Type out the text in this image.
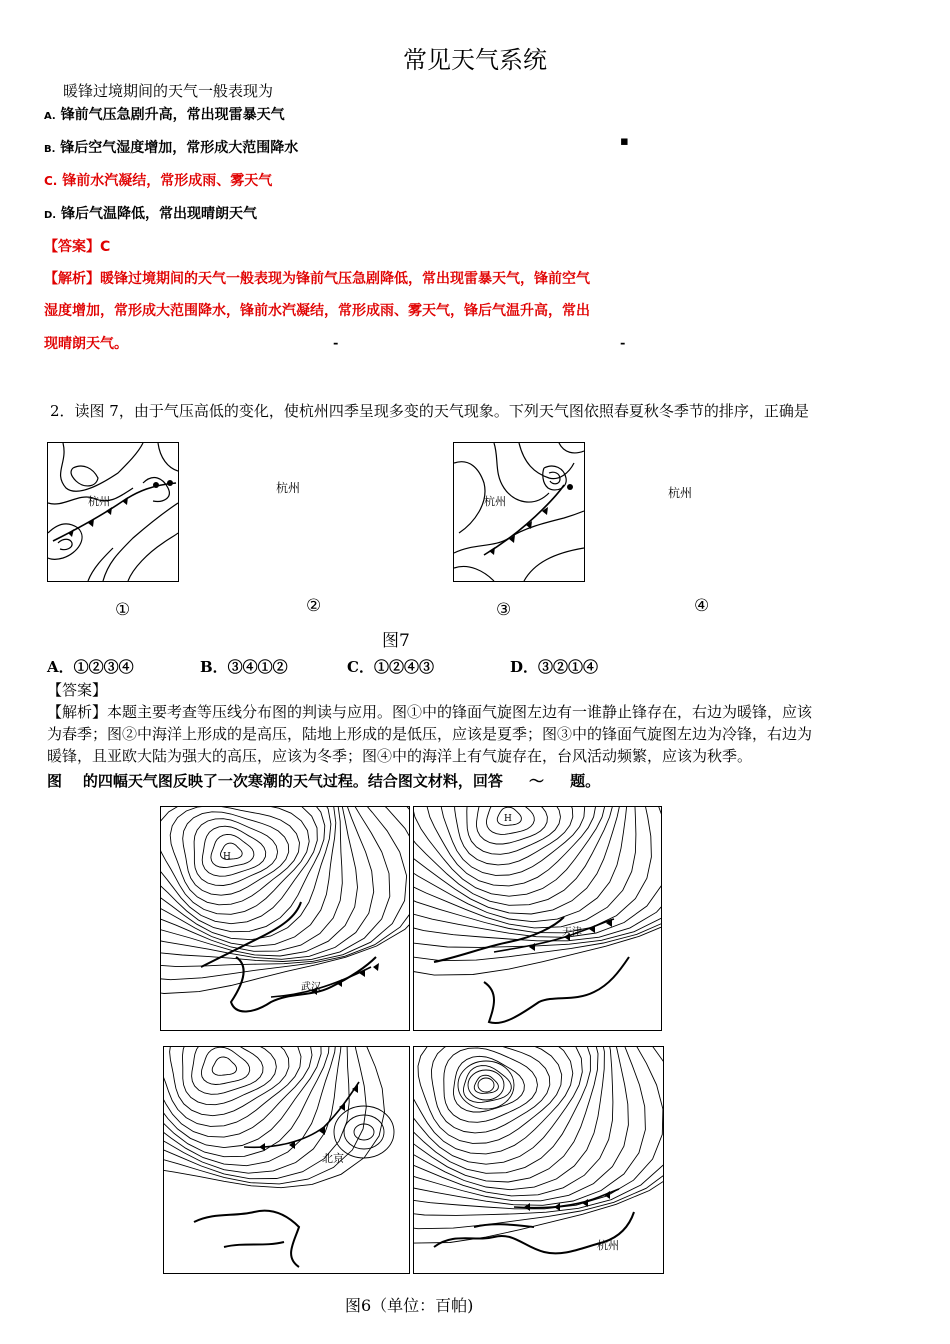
常见天气系统
暖锋过境期间的天气一般表现为
A. 锋前气压急剧升高，常出现雷暴天气
B. 锋后空气湿度增加，常形成大范围降水	▪
C. 锋前水汽凝结，常形成雨、雾天气
D. 锋后气温降低，常出现晴朗天气
【答案】C
【解析】暖锋过境期间的天气一般表现为锋前气压急剧降低，常出现雷暴天气，锋前空气
湿度增加，常形成大范围降水，锋前水汽凝结，常形成雨、雾天气，锋后气温升高，常出
现晴朗天气。	-	-
2．读图 7，由于气压高低的变化，使杭州四季呈现多变的天气现象。下列天气图依照春夏秋冬季节的排序，正确是
杭州
杭州
杭州
杭州
①	②	③	④
图7
A．①②③④	B．③④①②	C．①②④③	D．③②①④
【答案】
【解析】本题主要考查等压线分布图的判读与应用。图①中的锋面气旋图左边有一谁静止锋存在，右边为暖锋，应该
为春季；图②中海洋上形成的是高压，陆地上形成的是低压，应该是夏季；图③中的锋面气旋图左边为冷锋，右边为
暖锋，且亚欧大陆为强大的高压，应该为冬季；图④中的海洋上有气旋存在，台风活动频繁，应该为秋季。
图    的四幅天气图反映了一次寒潮的天气过程。结合图文材料，回答     ～     题。
H
武汉
H
天津
北京
杭州
图6（单位：百帕)
